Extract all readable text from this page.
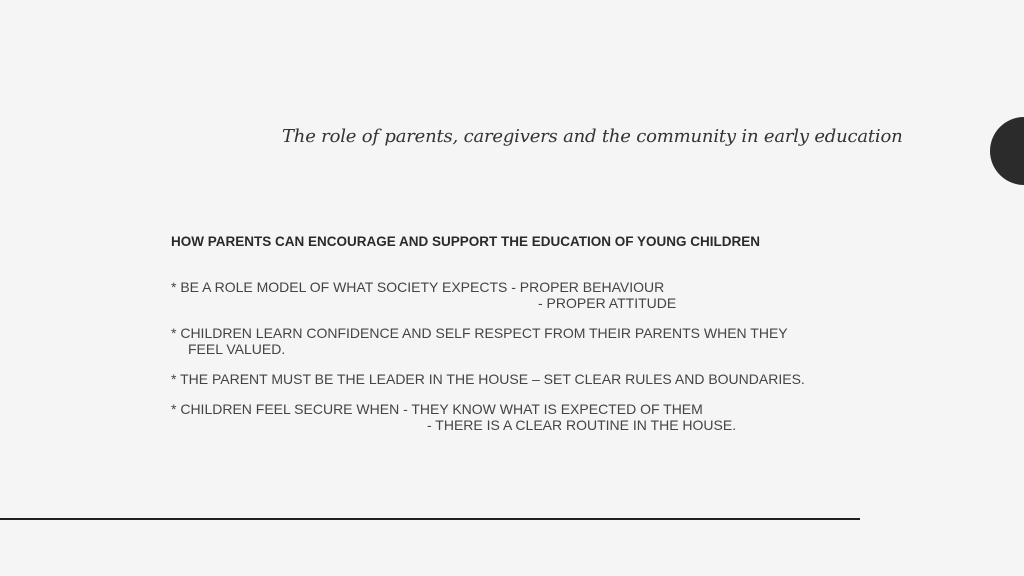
The role of parents, caregivers and the community in early education
HOW PARENTS CAN ENCOURAGE AND SUPPORT THE EDUCATION OF YOUNG CHILDREN
* BE A ROLE MODEL OF WHAT SOCIETY EXPECTS - PROPER BEHAVIOUR
- PROPER ATTITUDE
* CHILDREN LEARN CONFIDENCE AND SELF RESPECT FROM THEIR PARENTS WHEN THEY
FEEL VALUED.
* THE PARENT MUST BE THE LEADER IN THE HOUSE – SET CLEAR RULES AND BOUNDARIES.
* CHILDREN FEEL SECURE WHEN - THEY KNOW WHAT IS EXPECTED OF THEM
- THERE IS A CLEAR ROUTINE IN THE HOUSE.
